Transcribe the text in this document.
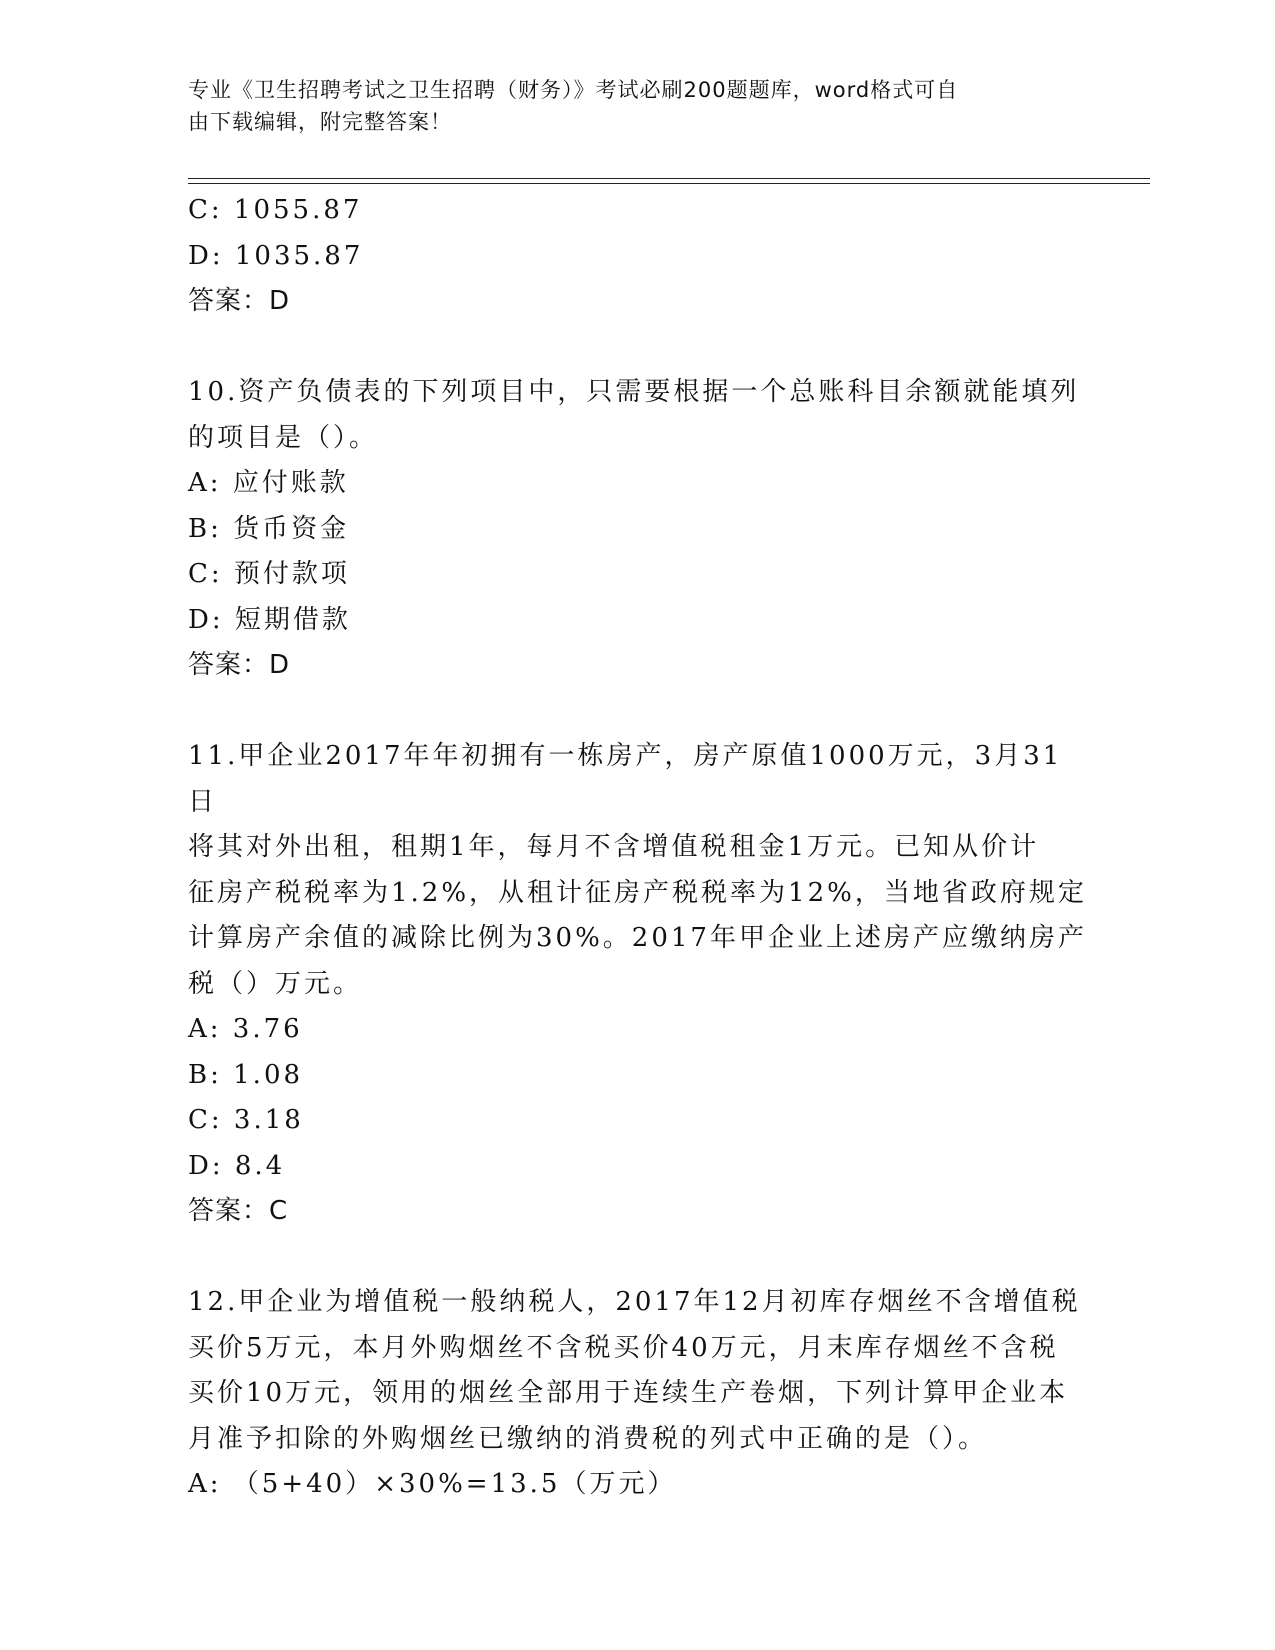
专业《卫生招聘考试之卫生招聘（财务）》考试必刷200题题库，word格式可自
由下载编辑，附完整答案！
C: 1055.87
D: 1035.87
答案：D
10.资产负债表的下列项目中，只需要根据一个总账科目余额就能填列
的项目是（）。
A: 应付账款
B: 货币资金
C: 预付款项
D: 短期借款
答案：D
11.甲企业2017年年初拥有一栋房产，房产原值1000万元，3月31日
将其对外出租，租期1年，每月不含增值税租金1万元。已知从价计
征房产税税率为1.2%，从租计征房产税税率为12%，当地省政府规定
计算房产余值的减除比例为30%。2017年甲企业上述房产应缴纳房产
税（）万元。
A: 3.76
B: 1.08
C: 3.18
D: 8.4
答案：C
12.甲企业为增值税一般纳税人，2017年12月初库存烟丝不含增值税
买价5万元，本月外购烟丝不含税买价40万元，月末库存烟丝不含税
买价10万元，领用的烟丝全部用于连续生产卷烟，下列计算甲企业本
月准予扣除的外购烟丝已缴纳的消费税的列式中正确的是（）。
A: （5+40）×30%=13.5（万元）
